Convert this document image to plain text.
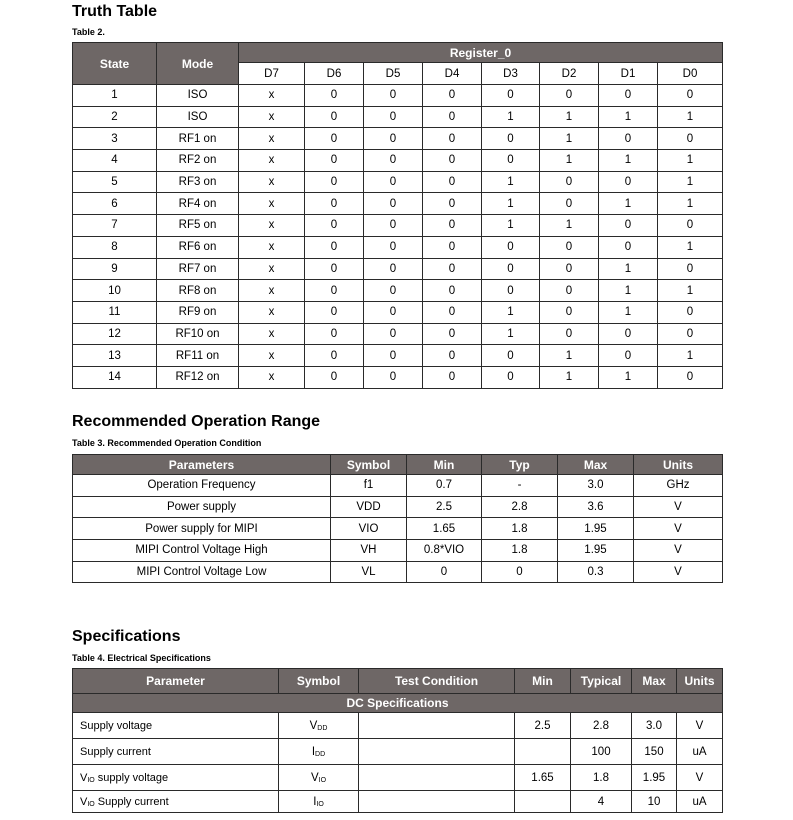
Truth Table
Table 2.
State	Mode	Register_0							
		D7	D6	D5	D4	D3	D2	D1	D0
1	ISO	x	0	0	0	0	0	0	0
2	ISO	x	0	0	0	1	1	1	1
3	RF1 on	x	0	0	0	0	1	0	0
4	RF2 on	x	0	0	0	0	1	1	1
5	RF3 on	x	0	0	0	1	0	0	1
6	RF4 on	x	0	0	0	1	0	1	1
7	RF5 on	x	0	0	0	1	1	0	0
8	RF6 on	x	0	0	0	0	0	0	1
9	RF7 on	x	0	0	0	0	0	1	0
10	RF8 on	x	0	0	0	0	0	1	1
11	RF9 on	x	0	0	0	1	0	1	0
12	RF10 on	x	0	0	0	1	0	0	0
13	RF11 on	x	0	0	0	0	1	0	1
14	RF12 on	x	0	0	0	0	1	1	0
Recommended Operation Range
Table 3. Recommended Operation Condition
Parameters	Symbol	Min	Typ	Max	Units
Operation Frequency	f1	0.7	-	3.0	GHz
Power supply	VDD	2.5	2.8	3.6	V
Power supply for MIPI	VIO	1.65	1.8	1.95	V
MIPI Control Voltage High	VH	0.8*VIO	1.8	1.95	V
MIPI Control Voltage Low	VL	0	0	0.3	V
Specifications
Table 4. Electrical Specifications
Parameter	Symbol	Test Condition	Min	Typical	Max	Units
DC Specifications						
Supply voltage	$V_{DD}$		2.5	2.8	3.0	V
Supply current	$I_{DD}$			100	150	uA
$V_{IO}$ supply voltage	$V_{IO}$		1.65	1.8	1.95	V
$V_{IO}$ Supply current	$I_{IO}$			4	10	uA
